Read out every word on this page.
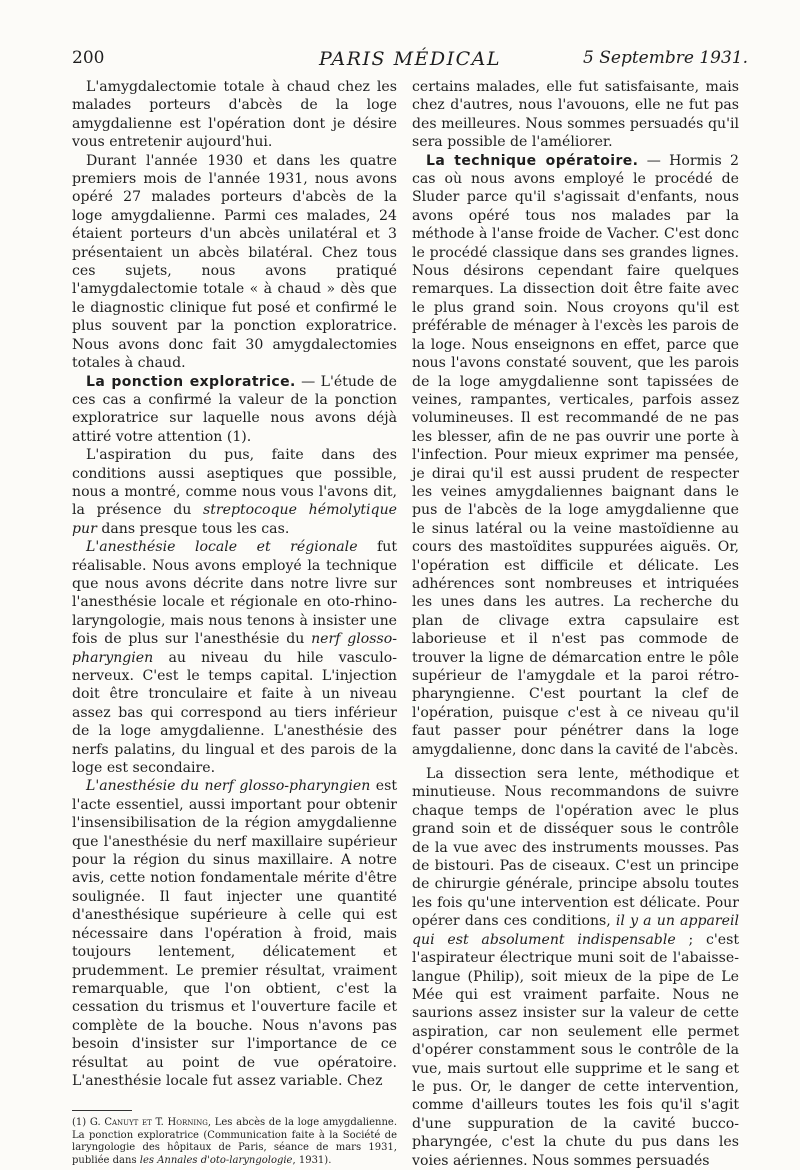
200	PARIS MÉDICAL	5 Septembre 1931.

L'amygdalectomie totale à chaud chez les malades porteurs d'abcès de la loge amygdalienne est l'opération dont je désire vous entretenir aujourd'hui.

Durant l'année 1930 et dans les quatre premiers mois de l'année 1931, nous avons opéré 27 malades porteurs d'abcès de la loge amygdalienne. Parmi ces malades, 24 étaient porteurs d'un abcès unilatéral et 3 présentaient un abcès bilatéral. Chez tous ces sujets, nous avons pratiqué l'amygdalectomie totale « à chaud » dès que le diagnostic clinique fut posé et confirmé le plus souvent par la ponction exploratrice. Nous avons donc fait 30 amygdalectomies totales à chaud.

La ponction exploratrice. — L'étude de ces cas a confirmé la valeur de la ponction exploratrice sur laquelle nous avons déjà attiré votre attention (1).

L'aspiration du pus, faite dans des conditions aussi aseptiques que possible, nous a montré, comme nous vous l'avons dit, la présence du streptocoque hémolytique pur dans presque tous les cas.

L'anesthésie locale et régionale fut réalisable. Nous avons employé la technique que nous avons décrite dans notre livre sur l'anesthésie locale et régionale en oto-rhino-laryngologie, mais nous tenons à insister une fois de plus sur l'anesthésie du nerf glosso-pharyngien au niveau du hile vasculo-nerveux. C'est le temps capital. L'injection doit être tronculaire et faite à un niveau assez bas qui correspond au tiers inférieur de la loge amygdalienne. L'anesthésie des nerfs palatins, du lingual et des parois de la loge est secondaire.

L'anesthésie du nerf glosso-pharyngien est l'acte essentiel, aussi important pour obtenir l'insensibilisation de la région amygdalienne que l'anesthésie du nerf maxillaire supérieur pour la région du sinus maxillaire. A notre avis, cette notion fondamentale mérite d'être soulignée. Il faut injecter une quantité d'anesthésique supérieure à celle qui est nécessaire dans l'opération à froid, mais toujours lentement, délicatement et prudemment. Le premier résultat, vraiment remarquable, que l'on obtient, c'est la cessation du trismus et l'ouverture facile et complète de la bouche. Nous n'avons pas besoin d'insister sur l'importance de ce résultat au point de vue opératoire. L'anesthésie locale fut assez variable. Chez

(1) G. Canuyt et T. Horning, Les abcès de la loge amygdalienne. La ponction exploratrice (Communication faite à la Société de laryngologie des hôpitaux de Paris, séance de mars 1931, publiée dans les Annales d'oto-laryngologie, 1931).

certains malades, elle fut satisfaisante, mais chez d'autres, nous l'avouons, elle ne fut pas des meilleures. Nous sommes persuadés qu'il sera possible de l'améliorer.

La technique opératoire. — Hormis 2 cas où nous avons employé le procédé de Sluder parce qu'il s'agissait d'enfants, nous avons opéré tous nos malades par la méthode à l'anse froide de Vacher. C'est donc le procédé classique dans ses grandes lignes. Nous désirons cependant faire quelques remarques. La dissection doit être faite avec le plus grand soin. Nous croyons qu'il est préférable de ménager à l'excès les parois de la loge. Nous enseignons en effet, parce que nous l'avons constaté souvent, que les parois de la loge amygdalienne sont tapissées de veines, rampantes, verticales, parfois assez volumineuses. Il est recommandé de ne pas les blesser, afin de ne pas ouvrir une porte à l'infection. Pour mieux exprimer ma pensée, je dirai qu'il est aussi prudent de respecter les veines amygdaliennes baignant dans le pus de l'abcès de la loge amygdalienne que le sinus latéral ou la veine mastoïdienne au cours des mastoïdites suppurées aiguës. Or, l'opération est difficile et délicate. Les adhérences sont nombreuses et intriquées les unes dans les autres. La recherche du plan de clivage extra capsulaire est laborieuse et il n'est pas commode de trouver la ligne de démarcation entre le pôle supérieur de l'amygdale et la paroi rétro-pharyngienne. C'est pourtant la clef de l'opération, puisque c'est à ce niveau qu'il faut passer pour pénétrer dans la loge amygdalienne, donc dans la cavité de l'abcès.

La dissection sera lente, méthodique et minutieuse. Nous recommandons de suivre chaque temps de l'opération avec le plus grand soin et de disséquer sous le contrôle de la vue avec des instruments mousses. Pas de bistouri. Pas de ciseaux. C'est un principe de chirurgie générale, principe absolu toutes les fois qu'une intervention est délicate. Pour opérer dans ces conditions, il y a un appareil qui est absolument indispensable ; c'est l'aspirateur électrique muni soit de l'abaisse-langue (Philip), soit mieux de la pipe de Le Mée qui est vraiment parfaite. Nous ne saurions assez insister sur la valeur de cette aspiration, car non seulement elle permet d'opérer constamment sous le contrôle de la vue, mais surtout elle supprime et le sang et le pus. Or, le danger de cette intervention, comme d'ailleurs toutes les fois qu'il s'agit d'une suppuration de la cavité bucco-pharyngée, c'est la chute du pus dans les voies aériennes. Nous sommes persuadés
